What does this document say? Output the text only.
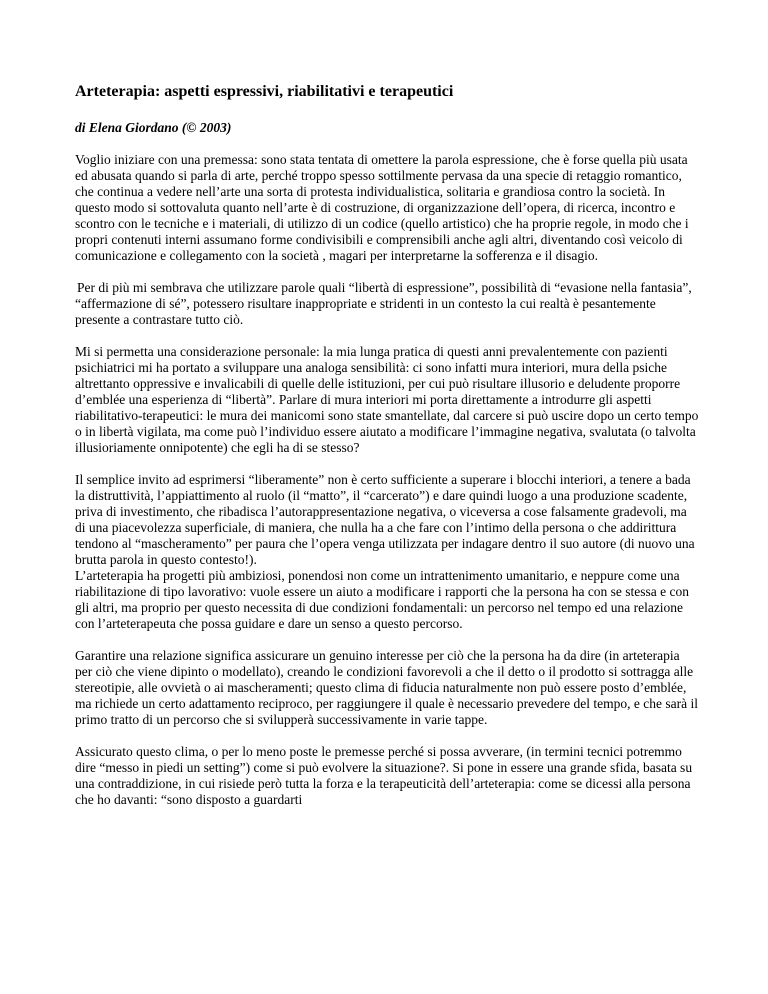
Arteterapia: aspetti espressivi, riabilitativi e terapeutici
di Elena Giordano (© 2003)

Voglio iniziare con una premessa: sono stata tentata di omettere la parola espressione, che è forse quella più usata ed abusata quando si parla di arte, perché troppo spesso sottilmente pervasa da una specie di retaggio romantico, che continua a vedere nell’arte una sorta di protesta individualistica, solitaria e grandiosa contro la società. In questo modo si sottovaluta quanto nell’arte è di costruzione, di organizzazione dell’opera, di ricerca, incontro e scontro con le tecniche e i materiali, di utilizzo di un codice (quello artistico) che ha proprie regole, in modo che i propri contenuti interni assumano forme condivisibili e comprensibili anche agli altri, diventando così veicolo di comunicazione e collegamento con la società , magari per interpretarne la sofferenza e il disagio.

Per di più mi sembrava che utilizzare parole quali “libertà di espressione”, possibilità di “evasione nella fantasia”, “affermazione di sé”, potessero risultare inappropriate e stridenti in un contesto la cui realtà è pesantemente presente a contrastare tutto ciò.

Mi si permetta una considerazione personale: la mia lunga pratica di questi anni prevalentemente con pazienti psichiatrici mi ha portato a sviluppare una analoga sensibilità: ci sono infatti mura interiori, mura della psiche altrettanto oppressive e invalicabili di quelle delle istituzioni, per cui può risultare illusorio e deludente proporre d’emblée una esperienza di “libertà”. Parlare di mura interiori mi porta direttamente a introdurre gli aspetti riabilitativo-terapeutici: le mura dei manicomi sono state smantellate, dal carcere si può uscire dopo un certo tempo o in libertà vigilata, ma come può l’individuo essere aiutato a modificare l’immagine negativa, svalutata (o talvolta illusioriamente onnipotente) che egli ha di se stesso?

Il semplice invito ad esprimersi “liberamente” non è certo sufficiente a superare i blocchi interiori, a tenere a bada la distruttività, l’appiattimento al ruolo (il “matto”, il “carcerato”) e dare quindi luogo a una produzione scadente, priva di investimento, che ribadisca l’autorappresentazione negativa, o viceversa a cose falsamente gradevoli, ma di una piacevolezza superficiale, di maniera, che nulla ha a che fare con l’intimo della persona o che addirittura tendono al “mascheramento” per paura che l’opera venga utilizzata per indagare dentro il suo autore (di nuovo una brutta parola in questo contesto!).

L’arteterapia ha progetti più ambiziosi, ponendosi non come un intrattenimento umanitario, e neppure come una riabilitazione di tipo lavorativo: vuole essere un aiuto a modificare i rapporti che la persona ha con se stessa e con gli altri, ma proprio per questo necessita di due condizioni fondamentali: un percorso nel tempo ed una relazione con l’arteterapeuta che possa guidare e dare un senso a questo percorso.

Garantire una relazione significa assicurare un genuino interesse per ciò che la persona ha da dire (in arteterapia per ciò che viene dipinto o modellato), creando le condizioni favorevoli a che il detto o il prodotto si sottragga alle stereotipie, alle ovvietà o ai mascheramenti; questo clima di fiducia naturalmente non può essere posto d’emblée, ma richiede un certo adattamento reciproco, per raggiungere il quale è necessario prevedere del tempo, e che sarà il primo tratto di un percorso che si svilupperà successivamente in varie tappe.

Assicurato questo clima, o per lo meno poste le premesse perché si possa avverare, (in termini tecnici potremmo dire “messo in piedi un setting”) come si può evolvere la situazione?. Si pone in essere una grande sfida, basata su una contraddizione, in cui risiede però tutta la forza e la terapeuticità dell’arteterapia: come se dicessi alla persona che ho davanti: “sono disposto a guardarti
